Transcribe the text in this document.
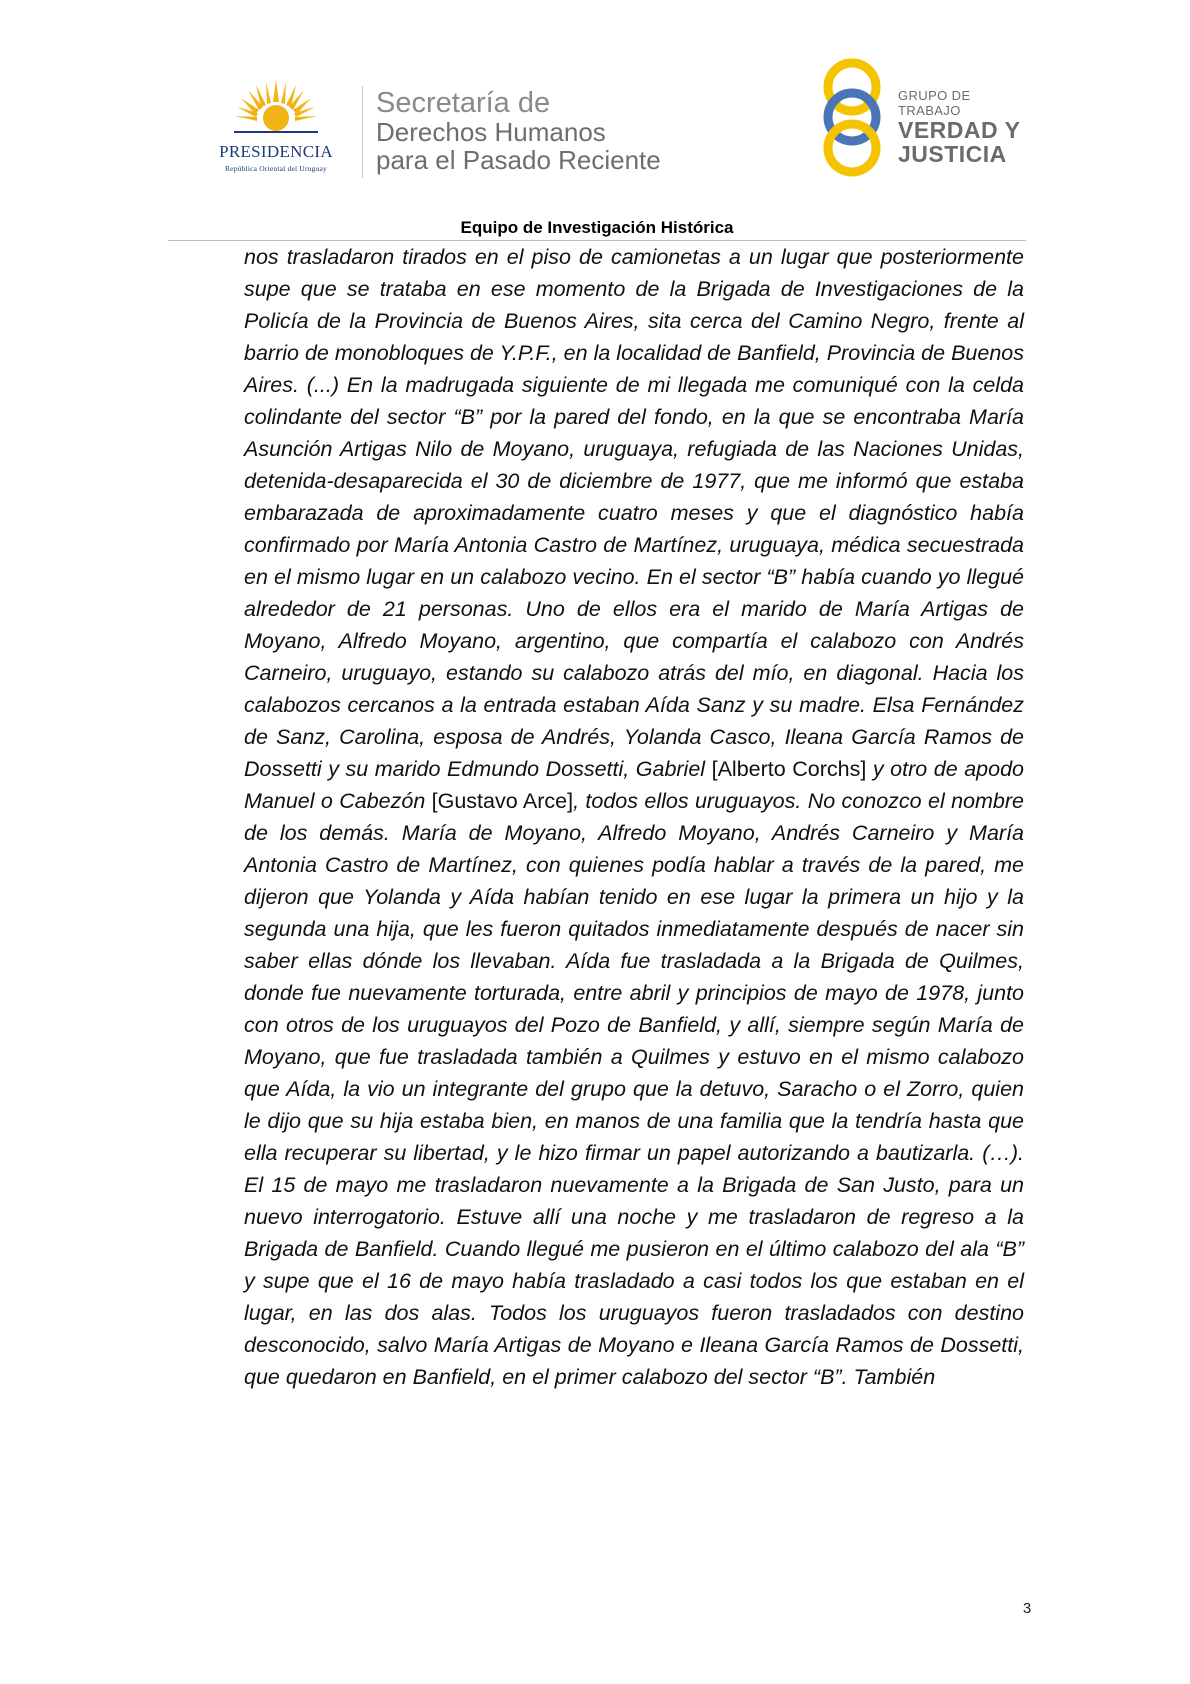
PRESIDENCIA
República Oriental del Uruguay
Secretaría de
Derechos Humanos
para el Pasado Reciente
GRUPO DE TRABAJO
VERDAD Y
JUSTICIA
Equipo de Investigación Histórica

nos trasladaron tirados en el piso de camionetas a un lugar que posteriormente supe que se trataba en ese momento de la Brigada de Investigaciones de la Policía de la Provincia de Buenos Aires, sita cerca del Camino Negro, frente al barrio de monobloques de Y.P.F., en la localidad de Banfield, Provincia de Buenos Aires. (...) En la madrugada siguiente de mi llegada me comuniqué con la celda colindante del sector “B” por la pared del fondo, en la que se encontraba María Asunción Artigas Nilo de Moyano, uruguaya, refugiada de las Naciones Unidas, detenida-desaparecida el 30 de diciembre de 1977, que me informó que estaba embarazada de aproximadamente cuatro meses y que el diagnóstico había confirmado por María Antonia Castro de Martínez, uruguaya, médica secuestrada en el mismo lugar en un calabozo vecino. En el sector “B” había cuando yo llegué alrededor de 21 personas. Uno de ellos era el marido de María Artigas de Moyano, Alfredo Moyano, argentino, que compartía el calabozo con Andrés Carneiro, uruguayo, estando su calabozo atrás del mío, en diagonal. Hacia los calabozos cercanos a la entrada estaban Aída Sanz y su madre. Elsa Fernández de Sanz, Carolina, esposa de Andrés, Yolanda Casco, Ileana García Ramos de Dossetti y su marido Edmundo Dossetti, Gabriel [Alberto Corchs] y otro de apodo Manuel o Cabezón [Gustavo Arce], todos ellos uruguayos. No conozco el nombre de los demás. María de Moyano, Alfredo Moyano, Andrés Carneiro y María Antonia Castro de Martínez, con quienes podía hablar a través de la pared, me dijeron que Yolanda y Aída habían tenido en ese lugar la primera un hijo y la segunda una hija, que les fueron quitados inmediatamente después de nacer sin saber ellas dónde los llevaban. Aída fue trasladada a la Brigada de Quilmes, donde fue nuevamente torturada, entre abril y principios de mayo de 1978, junto con otros de los uruguayos del Pozo de Banfield, y allí, siempre según María de Moyano, que fue trasladada también a Quilmes y estuvo en el mismo calabozo que Aída, la vio un integrante del grupo que la detuvo, Saracho o el Zorro, quien le dijo que su hija estaba bien, en manos de una familia que la tendría hasta que ella recuperar su libertad, y le hizo firmar un papel autorizando a bautizarla. (…). El 15 de mayo me trasladaron nuevamente a la Brigada de San Justo, para un nuevo interrogatorio. Estuve allí una noche y me trasladaron de regreso a la Brigada de Banfield. Cuando llegué me pusieron en el último calabozo del ala “B” y supe que el 16 de mayo había trasladado a casi todos los que estaban en el lugar, en las dos alas. Todos los uruguayos fueron trasladados con destino desconocido, salvo María Artigas de Moyano e Ileana García Ramos de Dossetti, que quedaron en Banfield, en el primer calabozo del sector “B”. También

3
